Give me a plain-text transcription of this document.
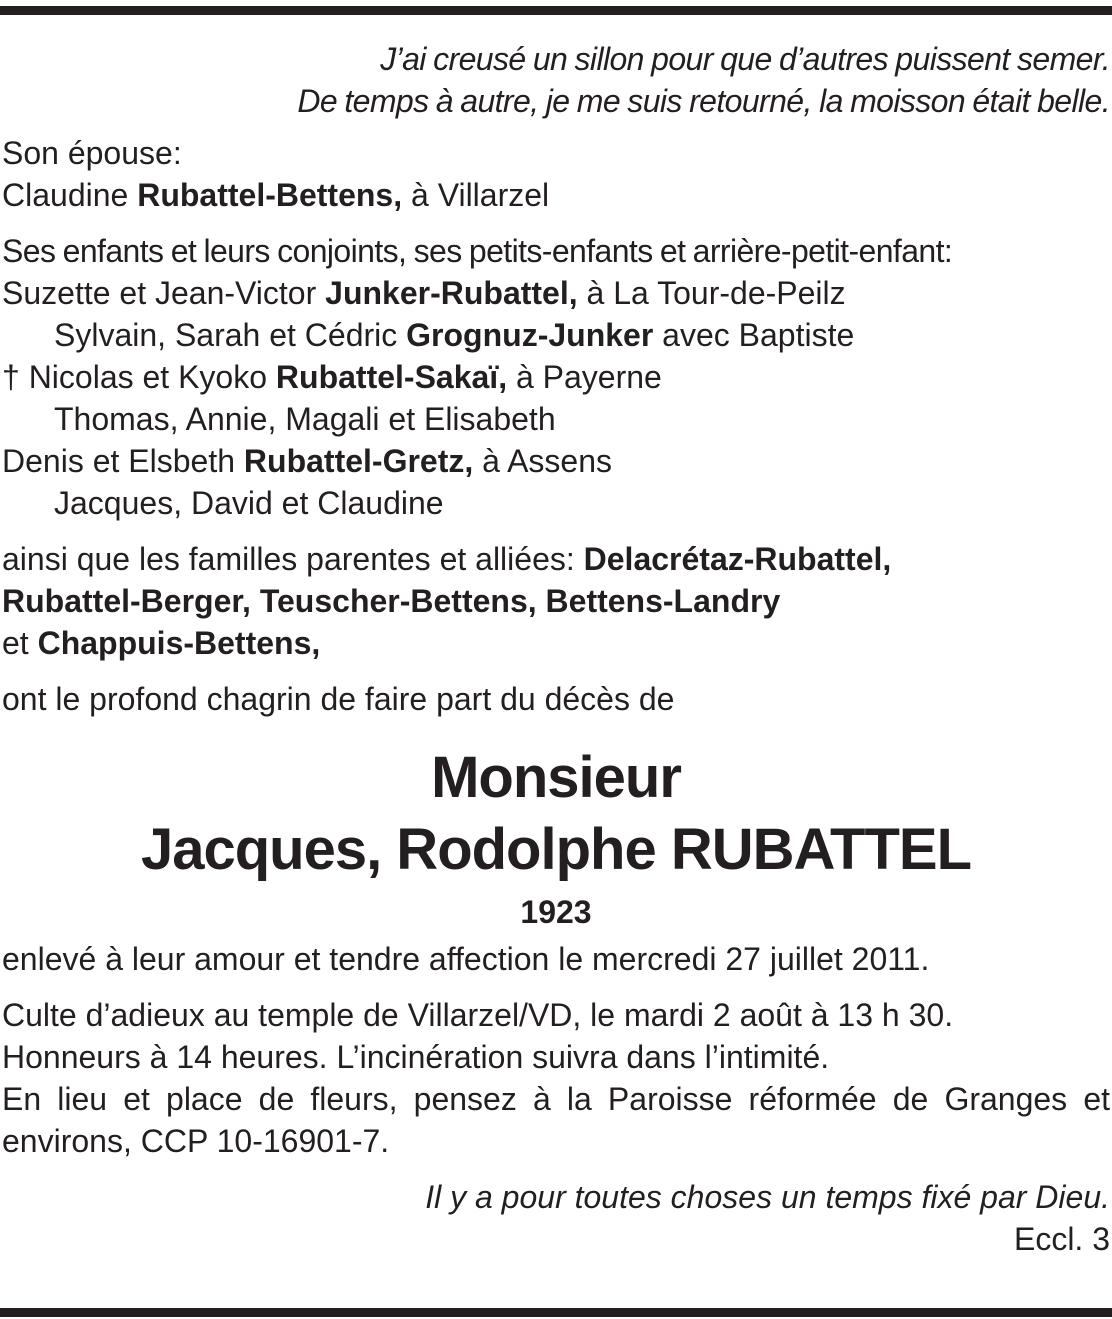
J’ai creusé un sillon pour que d’autres puissent semer.

De temps à autre, je me suis retourné, la moisson était belle.

Son épouse:

Claudine Rubattel-Bettens, à Villarzel

Ses enfants et leurs conjoints, ses petits-enfants et arrière-petit-enfant:

Suzette et Jean-Victor Junker-Rubattel, à La Tour-de-Peilz

Sylvain, Sarah et Cédric Grognuz-Junker avec Baptiste

† Nicolas et Kyoko Rubattel-Sakaï, à Payerne

Thomas, Annie, Magali et Elisabeth

Denis et Elsbeth Rubattel-Gretz, à Assens

Jacques, David et Claudine

ainsi que les familles parentes et alliées: Delacrétaz-Rubattel,

Rubattel-Berger, Teuscher-Bettens, Bettens-Landry

et Chappuis-Bettens,

ont le profond chagrin de faire part du décès de

Monsieur

Jacques, Rodolphe RUBATTEL

1923

enlevé à leur amour et tendre affection le mercredi 27 juillet 2011.

Culte d’adieux au temple de Villarzel/VD, le mardi 2 août à 13 h 30.

Honneurs à 14 heures. L’incinération suivra dans l’intimité.

En lieu et place de fleurs, pensez à la Paroisse réformée de Granges et

environs, CCP 10-16901-7.

Il y a pour toutes choses un temps fixé par Dieu.

Eccl. 3
